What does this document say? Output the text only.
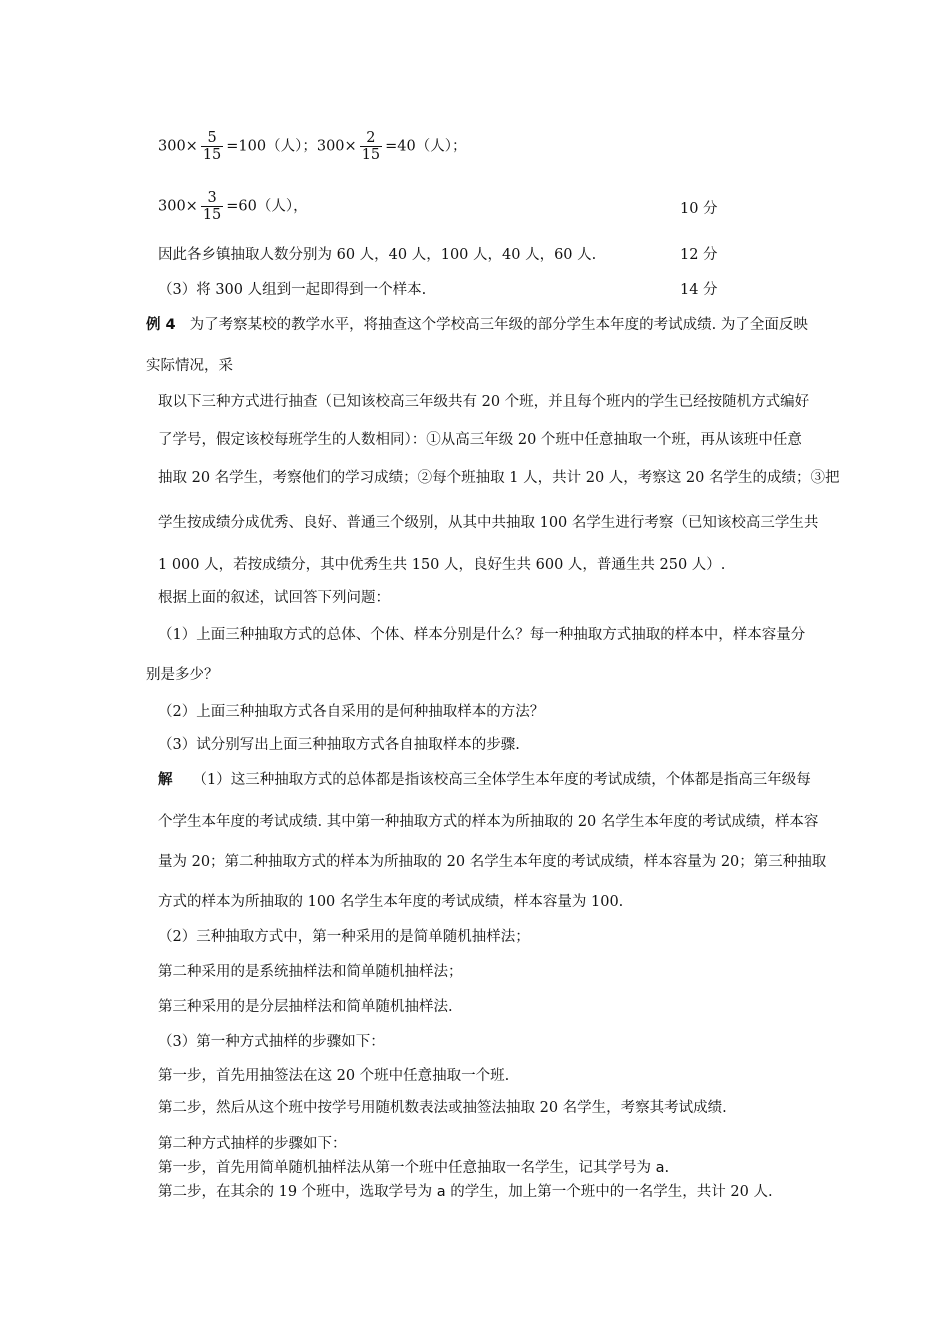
$300\times \frac{5}{15} =100$（人）；$300\times \frac{2}{15} =40$（人）；
$300\times \frac{3}{15} =60$（人），	10 分
因此各乡镇抽取人数分别为 60 人，40 人，100 人，40 人，60 人.	12 分
（3）将 300 人组到一起即得到一个样本.	14 分
例 4 为了考察某校的教学水平，将抽查这个学校高三年级的部分学生本年度的考试成绩. 为了全面反映
实际情况，采
取以下三种方式进行抽查（已知该校高三年级共有 20 个班，并且每个班内的学生已经按随机方式编好
了学号，假定该校每班学生的人数相同）：①从高三年级 20 个班中任意抽取一个班，再从该班中任意
抽取 20 名学生，考察他们的学习成绩；②每个班抽取 1 人，共计 20 人，考察这 20 名学生的成绩；③把
学生按成绩分成优秀、良好、普通三个级别，从其中共抽取 100 名学生进行考察（已知该校高三学生共
1 000 人，若按成绩分，其中优秀生共 150 人，良好生共 600 人，普通生共 250 人）.
根据上面的叙述，试回答下列问题：
（1）上面三种抽取方式的总体、个体、样本分别是什么？每一种抽取方式抽取的样本中，样本容量分
别是多少？
（2）上面三种抽取方式各自采用的是何种抽取样本的方法？
（3）试分别写出上面三种抽取方式各自抽取样本的步骤.
解 （1）这三种抽取方式的总体都是指该校高三全体学生本年度的考试成绩，个体都是指高三年级每
个学生本年度的考试成绩. 其中第一种抽取方式的样本为所抽取的 20 名学生本年度的考试成绩，样本容
量为 20；第二种抽取方式的样本为所抽取的 20 名学生本年度的考试成绩，样本容量为 20；第三种抽取
方式的样本为所抽取的 100 名学生本年度的考试成绩，样本容量为 100.
（2）三种抽取方式中，第一种采用的是简单随机抽样法；
第二种采用的是系统抽样法和简单随机抽样法；
第三种采用的是分层抽样法和简单随机抽样法.
（3）第一种方式抽样的步骤如下：
第一步，首先用抽签法在这 20 个班中任意抽取一个班.
第二步，然后从这个班中按学号用随机数表法或抽签法抽取 20 名学生，考察其考试成绩.
第二种方式抽样的步骤如下：
第一步，首先用简单随机抽样法从第一个班中任意抽取一名学生，记其学号为 a.
第二步，在其余的 19 个班中，选取学号为 a 的学生，加上第一个班中的一名学生，共计 20 人.
